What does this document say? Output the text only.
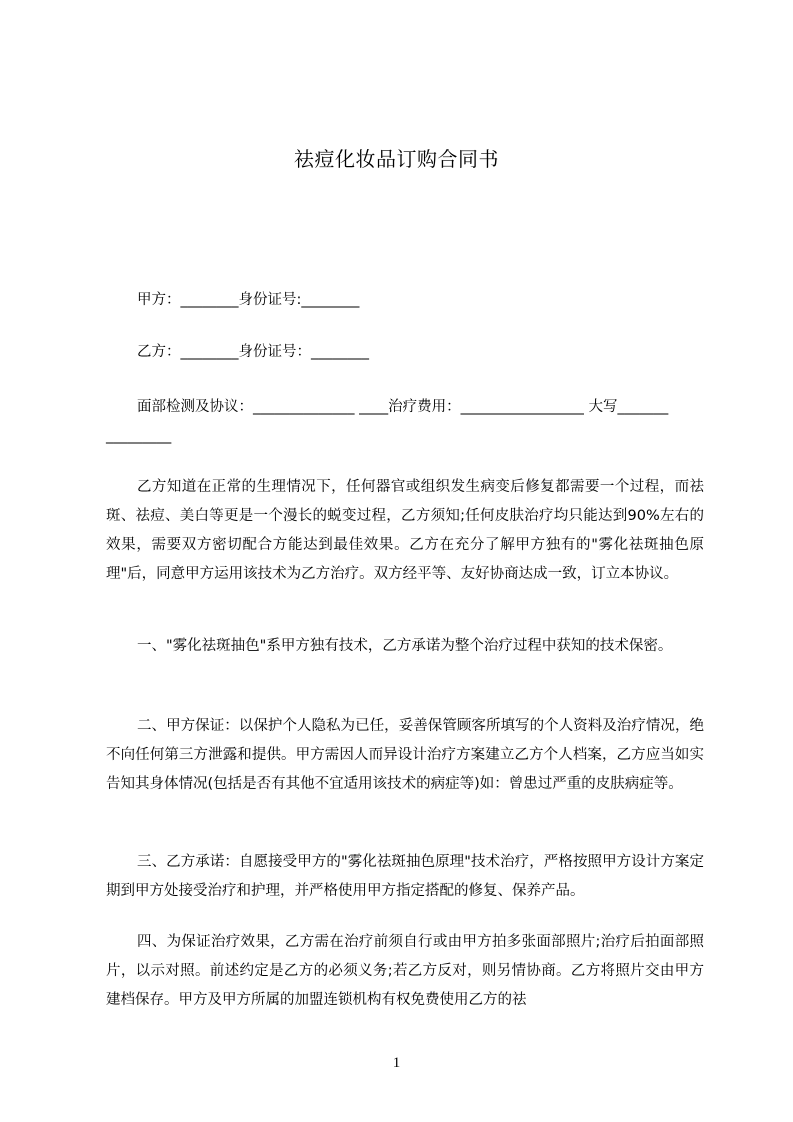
祛痘化妆品订购合同书
甲方：________身份证号:________
乙方：________身份证号：________
面部检测及协议：______________ ____治疗费用：_________________ 大写_______
_________

乙方知道在正常的生理情况下，任何器官或组织发生病变后修复都需要一个过程，而祛斑、祛痘、美白等更是一个漫长的蜕变过程，乙方须知;任何皮肤治疗均只能达到90%左右的效果，需要双方密切配合方能达到最佳效果。乙方在充分了解甲方独有的"雾化祛斑抽色原理"后，同意甲方运用该技术为乙方治疗。双方经平等、友好协商达成一致，订立本协议。

一、"雾化祛斑抽色"系甲方独有技术，乙方承诺为整个治疗过程中获知的技术保密。

二、甲方保证：以保护个人隐私为已任，妥善保管顾客所填写的个人资料及治疗情况，绝不向任何第三方泄露和提供。甲方需因人而异设计治疗方案建立乙方个人档案，乙方应当如实告知其身体情况(包括是否有其他不宜适用该技术的病症等)如：曾患过严重的皮肤病症等。

三、乙方承诺：自愿接受甲方的"雾化祛斑抽色原理"技术治疗，严格按照甲方设计方案定期到甲方处接受治疗和护理，并严格使用甲方指定搭配的修复、保养产品。

四、为保证治疗效果，乙方需在治疗前须自行或由甲方拍多张面部照片;治疗后拍面部照片，以示对照。前述约定是乙方的必须义务;若乙方反对，则另情协商。乙方将照片交由甲方建档保存。甲方及甲方所属的加盟连锁机构有权免费使用乙方的祛

1
